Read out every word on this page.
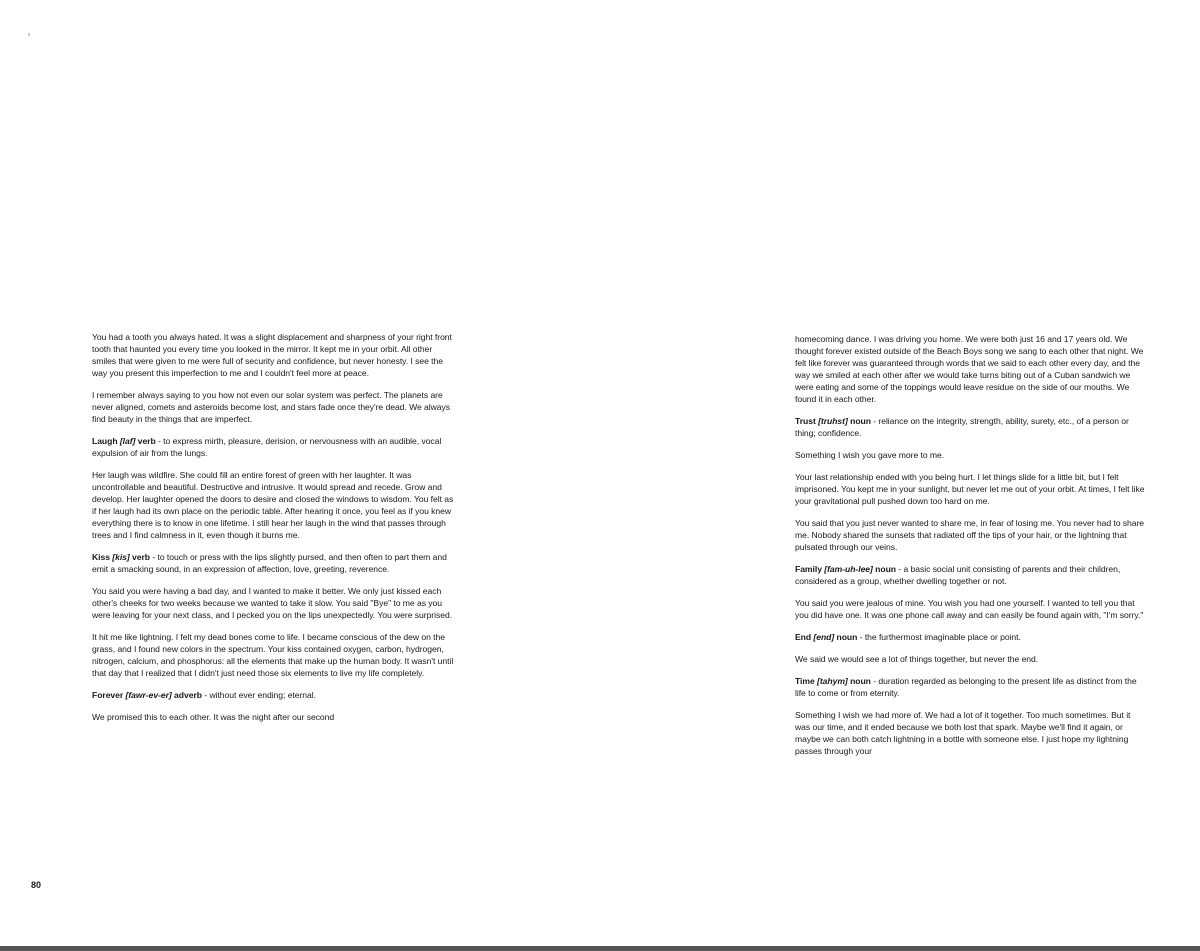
‘

You had a tooth you always hated. It was a slight displacement and sharpness of your right front tooth that haunted you every time you looked in the mirror. It kept me in your orbit. All other smiles that were given to me were full of security and confidence, but never honesty. I see the way you present this imperfection to me and I couldn't feel more at peace.

I remember always saying to you how not even our solar system was perfect. The planets are never aligned, comets and asteroids become lost, and stars fade once they're dead. We always find beauty in the things that are imperfect.

Laugh [laf] verb - to express mirth, pleasure, derision, or nervousness with an audible, vocal expulsion of air from the lungs.

Her laugh was wildfire. She could fill an entire forest of green with her laughter. It was uncontrollable and beautiful. Destructive and intrusive. It would spread and recede. Grow and develop. Her laughter opened the doors to desire and closed the windows to wisdom. You felt as if her laugh had its own place on the periodic table. After hearing it once, you feel as if you knew everything there is to know in one lifetime. I still hear her laugh in the wind that passes through trees and I find calmness in it, even though it burns me.

Kiss [kis] verb - to touch or press with the lips slightly pursed, and then often to part them and emit a smacking sound, in an expression of affection, love, greeting, reverence.

You said you were having a bad day, and I wanted to make it better. We only just kissed each other's cheeks for two weeks because we wanted to take it slow. You said "Bye" to me as you were leaving for your next class, and I pecked you on the lips unexpectedly. You were surprised.

It hit me like lightning. I felt my dead bones come to life. I became conscious of the dew on the grass, and I found new colors in the spectrum. Your kiss contained oxygen, carbon, hydrogen, nitrogen, calcium, and phosphorus: all the elements that make up the human body. It wasn't until that day that I realized that I didn't just need those six elements to live my life completely.

Forever [fawr-ev-er] adverb - without ever ending; eternal.

We promised this to each other. It was the night after our second

homecoming dance. I was driving you home. We were both just 16 and 17 years old. We thought forever existed outside of the Beach Boys song we sang to each other that night. We felt like forever was guaranteed through words that we said to each other every day, and the way we smiled at each other after we would take turns biting out of a Cuban sandwich we were eating and some of the toppings would leave residue on the side of our mouths. We found it in each other.

Trust [truhst] noun - reliance on the integrity, strength, ability, surety, etc., of a person or thing; confidence.

Something I wish you gave more to me.

Your last relationship ended with you being hurt. I let things slide for a little bit, but I felt imprisoned. You kept me in your sunlight, but never let me out of your orbit. At times, I felt like your gravitational pull pushed down too hard on me.

You said that you just never wanted to share me, in fear of losing me. You never had to share me. Nobody shared the sunsets that radiated off the tips of your hair, or the lightning that pulsated through our veins.

Family [fam-uh-lee] noun - a basic social unit consisting of parents and their children, considered as a group, whether dwelling together or not.

You said you were jealous of mine. You wish you had one yourself. I wanted to tell you that you did have one. It was one phone call away and can easily be found again with, "I'm sorry."

End [end] noun - the furthermost imaginable place or point.

We said we would see a lot of things together, but never the end.

Time [tahym] noun - duration regarded as belonging to the present life as distinct from the life to come or from eternity.

Something I wish we had more of. We had a lot of it together. Too much sometimes. But it was our time, and it ended because we both lost that spark. Maybe we'll find it again, or maybe we can both catch lightning in a bottle with someone else. I just hope my lightning passes through your

80
